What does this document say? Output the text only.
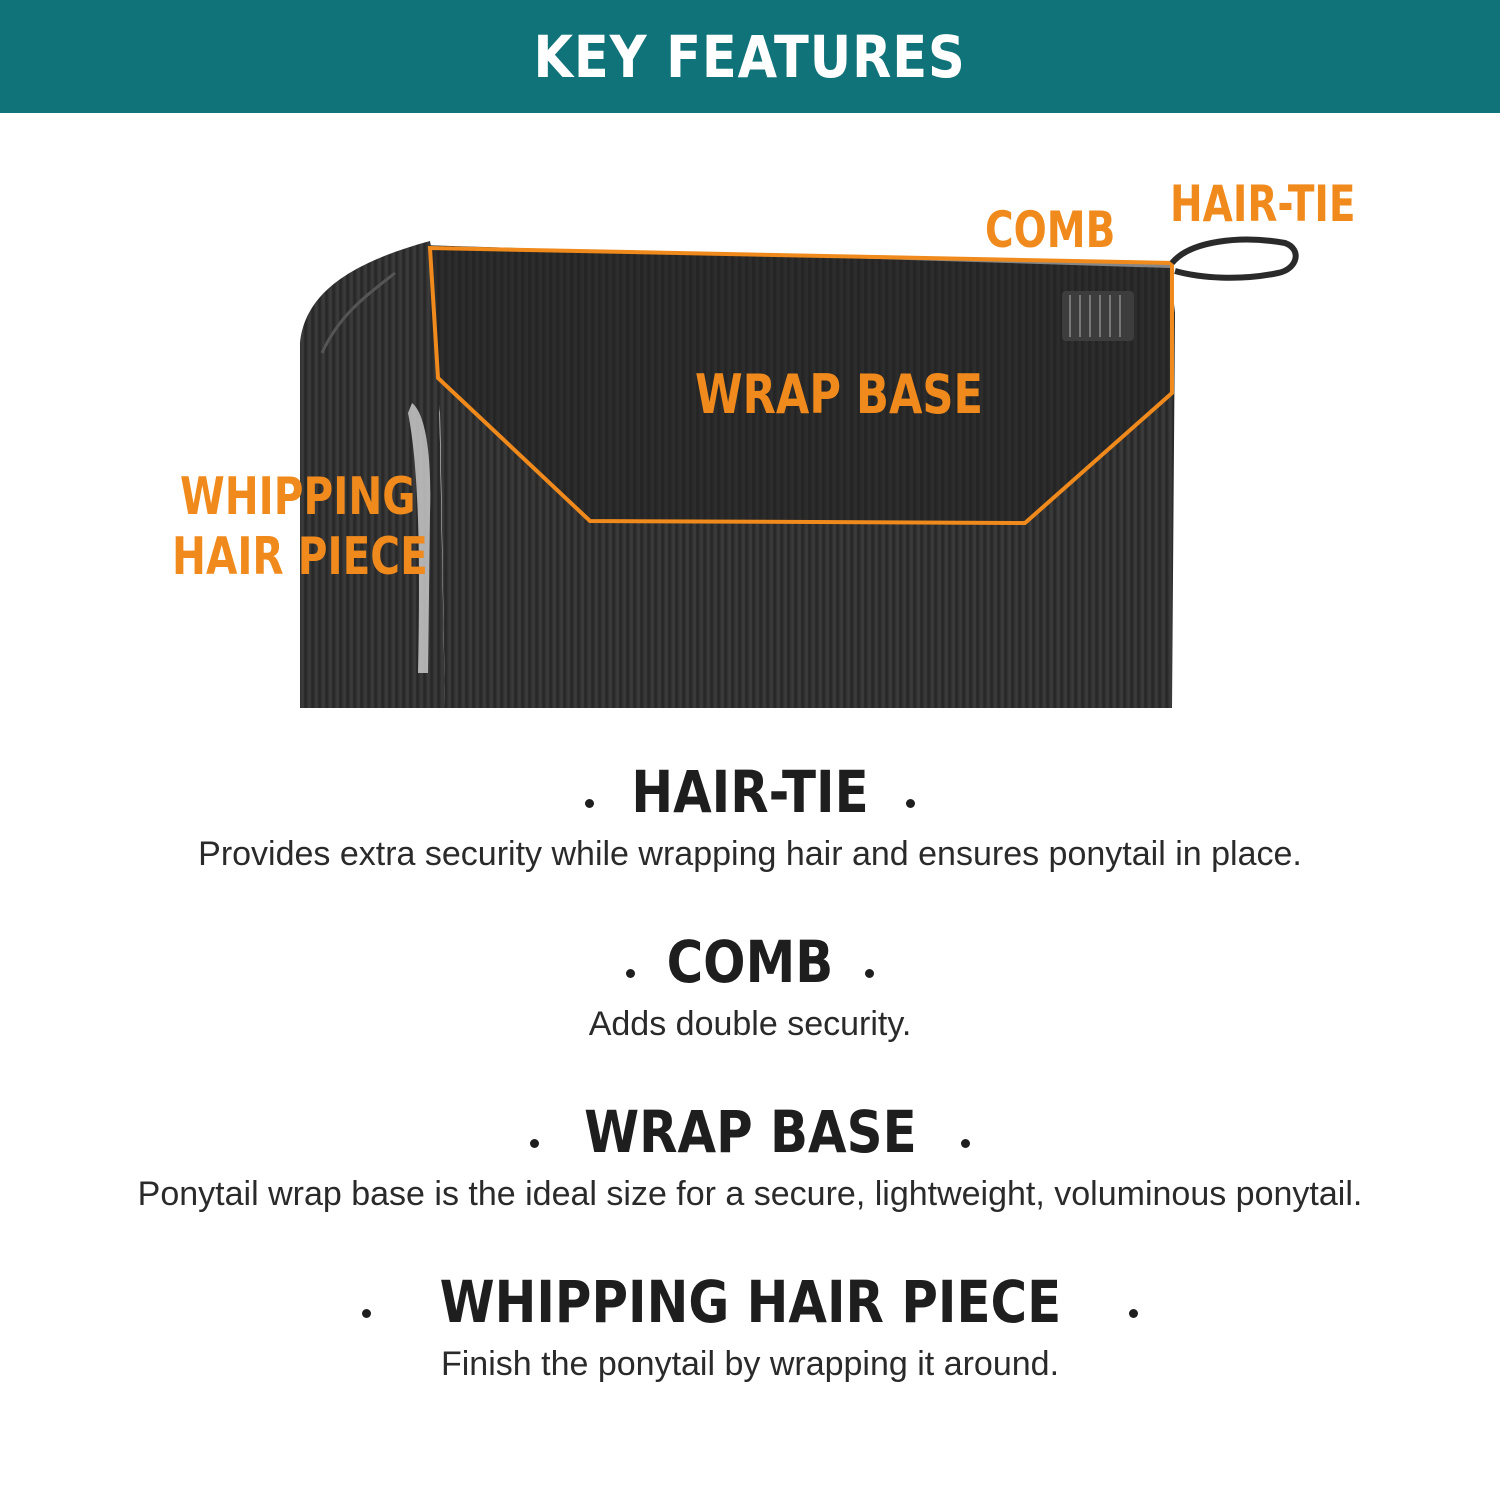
KEY FEATURES
COMB HAIR-TIE
WRAP BASE
WHIPPING
HAIR PIECE
HAIR-TIE
Provides extra security while wrapping hair and ensures ponytail in place.
COMB
Adds double security.
WRAP BASE
Ponytail wrap base is the ideal size for a secure, lightweight, voluminous ponytail.
WHIPPING HAIR PIECE
Finish the ponytail by wrapping it around.
